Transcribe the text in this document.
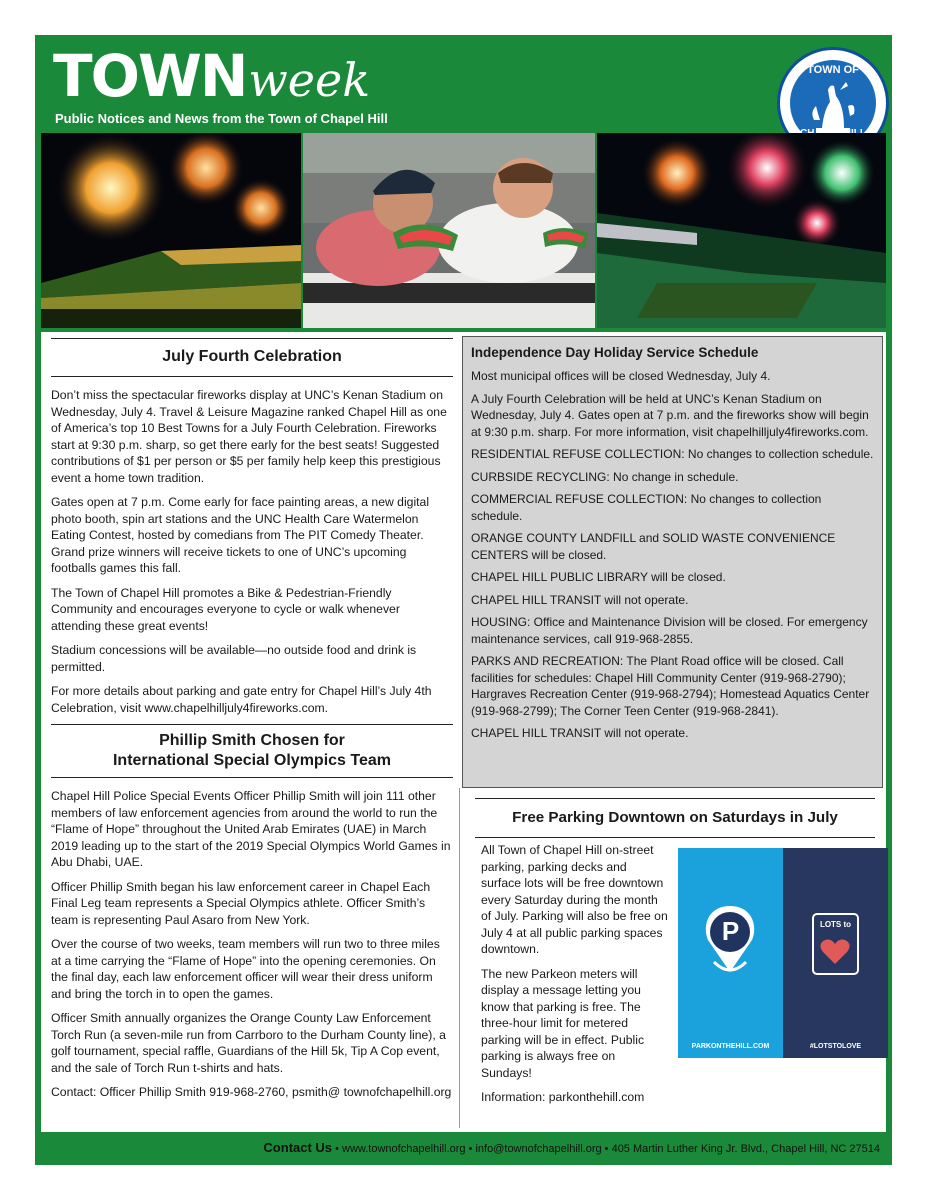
TOWNweek
Public Notices and News from the Town of Chapel Hill
TOWN OF
July Fourth Celebration

Don’t miss the spectacular fireworks display at UNC’s Kenan Stadium on Wednesday, July 4. Travel & Leisure Magazine ranked Chapel Hill as one of America’s top 10 Best Towns for a July Fourth Celebration. Fireworks start at 9:30 p.m. sharp, so get there early for the best seats! Suggested contributions of $1 per person or $5 per family help keep this prestigious event a home town tradition.

Gates open at 7 p.m. Come early for face painting areas, a new digital photo booth, spin art stations and the UNC Health Care Watermelon Eating Contest, hosted by comedians from The PIT Comedy Theater. Grand prize winners will receive tickets to one of UNC’s upcoming footballs games this fall.

The Town of Chapel Hill promotes a Bike & Pedestrian-Friendly Community and encourages everyone to cycle or walk whenever attending these great events!

Stadium concessions will be available—no outside food and drink is permitted.

For more details about parking and gate entry for Chapel Hill’s July 4th Celebration, visit www.chapelhilljuly4fireworks.com.

Phillip Smith Chosen for
International Special Olympics Team

Chapel Hill Police Special Events Officer Phillip Smith will join 111 other members of law enforcement agencies from around the world to run the “Flame of Hope” throughout the United Arab Emirates (UAE) in March 2019 leading up to the start of the 2019 Special Olympics World Games in Abu Dhabi, UAE.

Officer Phillip Smith began his law enforcement career in Chapel Each Final Leg team represents a Special Olympics athlete. Officer Smith’s team is representing Paul Asaro from New York.

Over the course of two weeks, team members will run two to three miles at a time carrying the “Flame of Hope” into the opening ceremonies. On the final day, each law enforcement officer will wear their dress uniform and bring the torch in to open the games.

Officer Smith annually organizes the Orange County Law Enforcement Torch Run (a seven-mile run from Carrboro to the Durham County line), a golf tournament, special raffle, Guardians of the Hill 5k, Tip A Cop event, and the sale of Torch Run t-shirts and hats.

Contact: Officer Phillip Smith 919-968-2760, psmith@ townofchapelhill.org

Independence Day Holiday Service Schedule

Most municipal offices will be closed Wednesday, July 4.

A July Fourth Celebration will be held at UNC’s Kenan Stadium on Wednesday, July 4. Gates open at 7 p.m. and the fireworks show will begin at 9:30 p.m. sharp. For more information, visit chapelhilljuly4fireworks.com.

RESIDENTIAL REFUSE COLLECTION: No changes to collection schedule.

CURBSIDE RECYCLING: No change in schedule.

COMMERCIAL REFUSE COLLECTION: No changes to collection schedule.

ORANGE COUNTY LANDFILL and SOLID WASTE CONVENIENCE CENTERS will be closed.

CHAPEL HILL PUBLIC LIBRARY will be closed.

CHAPEL HILL TRANSIT will not operate.

HOUSING: Office and Maintenance Division will be closed. For emergency maintenance services, call 919-968-2855.

PARKS AND RECREATION: The Plant Road office will be closed. Call facilities for schedules: Chapel Hill Community Center (919-968-2790); Hargraves Recreation Center (919-968-2794); Homestead Aquatics Center (919-968-2799); The Corner Teen Center (919-968-2841).

CHAPEL HILL TRANSIT will not operate.

Free Parking Downtown on Saturdays in July

All Town of Chapel Hill on-street parking, parking decks and surface lots will be free downtown every Saturday during the month of July. Parking will also be free on July 4 at all public parking spaces downtown.

The new Parkeon meters will display a message letting you know that parking is free. The three-hour limit for metered parking will be in effect. Public parking is always free on Sundays!

Information: parkonthehill.com

P
PARKONTHEHILL.COM
LOTS to
#LOTSTOLOVE
Contact Us • www.townofchapelhill.org • info@townofchapelhill.org • 405 Martin Luther King Jr. Blvd., Chapel Hill, NC 27514
